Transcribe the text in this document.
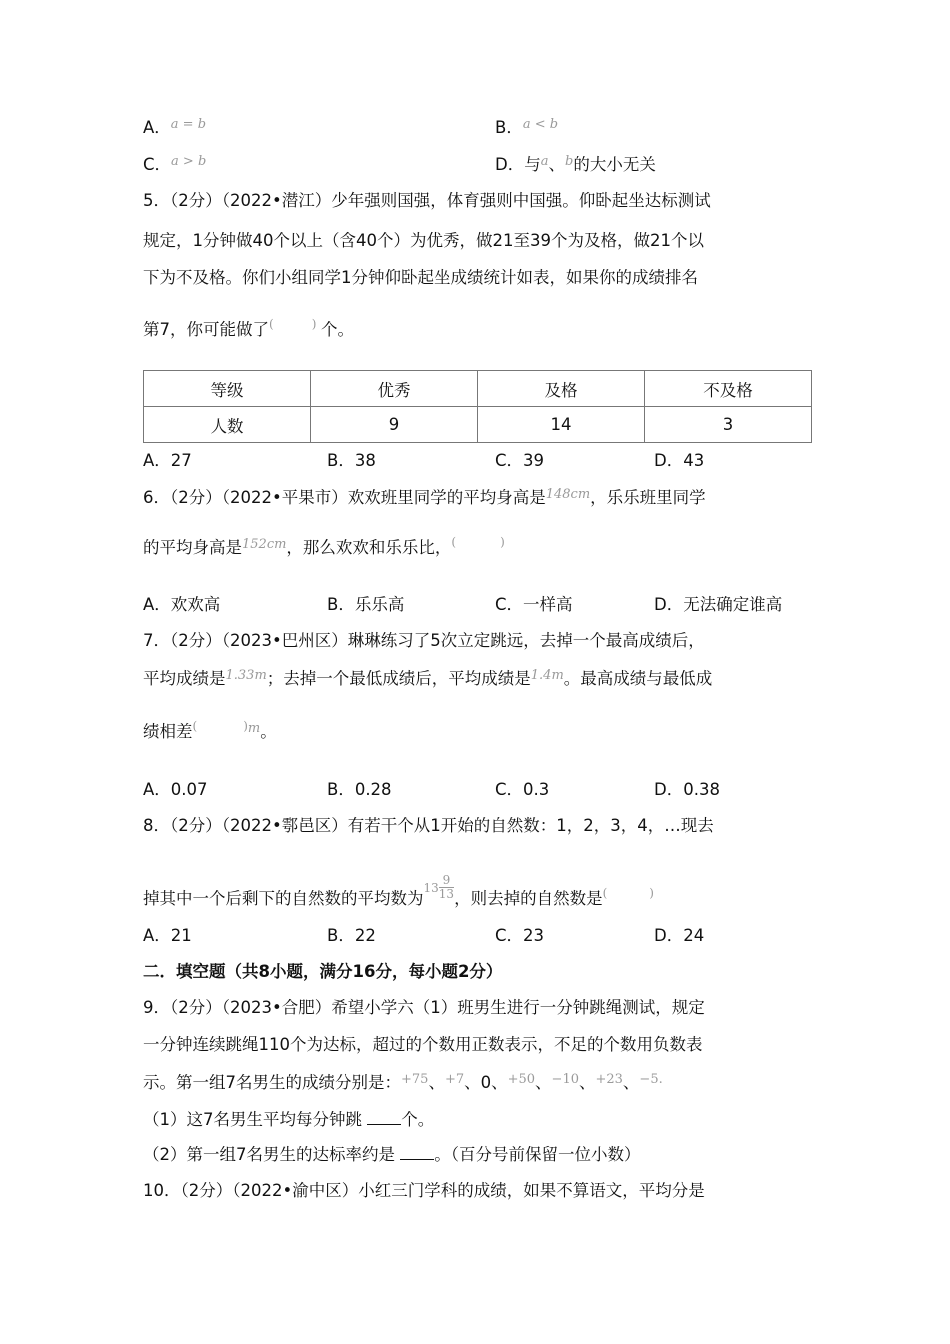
A．$^{a = b}$	B．$^{a < b}$
C．$^{a > b}$	D．与$^a$、$^b$的大小无关
5．（2分）（2022•潜江）少年强则国强，体育强则中国强。仰卧起坐达标测试
规定，1分钟做40个以上（含40个）为优秀，做21至39个为及格，做21个以
下为不及格。你们小组同学1分钟仰卧起坐成绩统计如表，如果你的成绩排名
第7，你可能做了(	) 个。
等级	优秀	及格	不及格
人数	9	14	3
A．27	B．38	C．39	D．43
6．（2分）（2022•平果市）欢欢班里同学的平均身高是$^{148cm}$，乐乐班里同学
的平均身高是$^{152cm}$，那么欢欢和乐乐比，(	)
A．欢欢高	B．乐乐高	C．一样高	D．无法确定谁高
7．（2分）（2023•巴州区）琳琳练习了5次立定跳远，去掉一个最高成绩后，
平均成绩是$^{1.33m}$；去掉一个最低成绩后，平均成绩是$^{1.4m}$。最高成绩与最低成
绩相差(	)$^m$。
A．0.07	B．0.28	C．0.3	D．0.38
8．（2分）（2022•鄠邑区）有若干个从1开始的自然数：1，2，3，4，…现去
掉其中一个后剩下的自然数的平均数为$^{13} \frac{9}{13}$ ，则去掉的自然数是(	)
A．21	B．22	C．23	D．24
二．填空题（共8小题，满分16分，每小题2分）
9．（2分）（2023•合肥）希望小学六（1）班男生进行一分钟跳绳测试，规定
一分钟连续跳绳110个为达标，超过的个数用正数表示，不足的个数用负数表
示。第一组7名男生的成绩分别是：$^{+75}$、$^{+7}$、0、$^{+50}$、$^{-10}$、$^{+23}$、$^{-5.}$
（1）这7名男生平均每分钟跳 个。
（2）第一组7名男生的达标率约是 。（百分号前保留一位小数）
10．（2分）（2022•渝中区）小红三门学科的成绩，如果不算语文，平均分是
